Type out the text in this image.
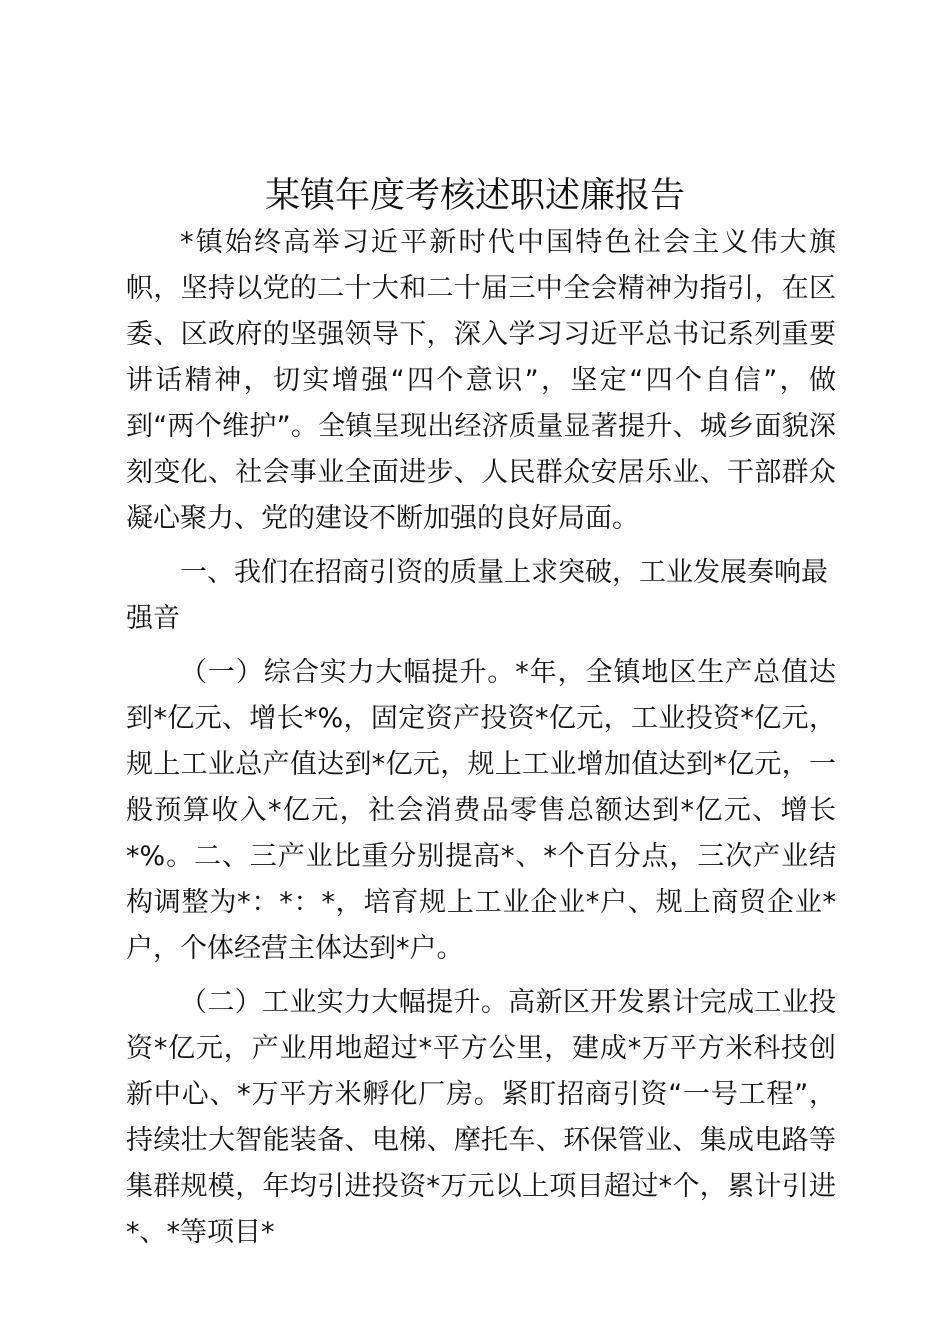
某镇年度考核述职述廉报告

*镇始终高举习近平新时代中国特色社会主义伟大旗帜，坚持以党的二十大和二十届三中全会精神为指引，在区委、区政府的坚强领导下，深入学习习近平总书记系列重要讲话精神，切实增强“四个意识”，坚定“四个自信”，做到“两个维护”。全镇呈现出经济质量显著提升、城乡面貌深刻变化、社会事业全面进步、人民群众安居乐业、干部群众凝心聚力、党的建设不断加强的良好局面。

一、我们在招商引资的质量上求突破，工业发展奏响最强音

（一）综合实力大幅提升。*年，全镇地区生产总值达到*亿元、增长*%，固定资产投资*亿元，工业投资*亿元，规上工业总产值达到*亿元，规上工业增加值达到*亿元，一般预算收入*亿元，社会消费品零售总额达到*亿元、增长*%。二、三产业比重分别提高*、*个百分点，三次产业结构调整为*：*：*，培育规上工业企业*户、规上商贸企业*户，个体经营主体达到*户。

（二）工业实力大幅提升。高新区开发累计完成工业投资*亿元，产业用地超过*平方公里，建成*万平方米科技创新中心、*万平方米孵化厂房。紧盯招商引资“一号工程”，持续壮大智能装备、电梯、摩托车、环保管业、集成电路等集群规模，年均引进投资*万元以上项目超过*个，累计引进*、*等项目*
